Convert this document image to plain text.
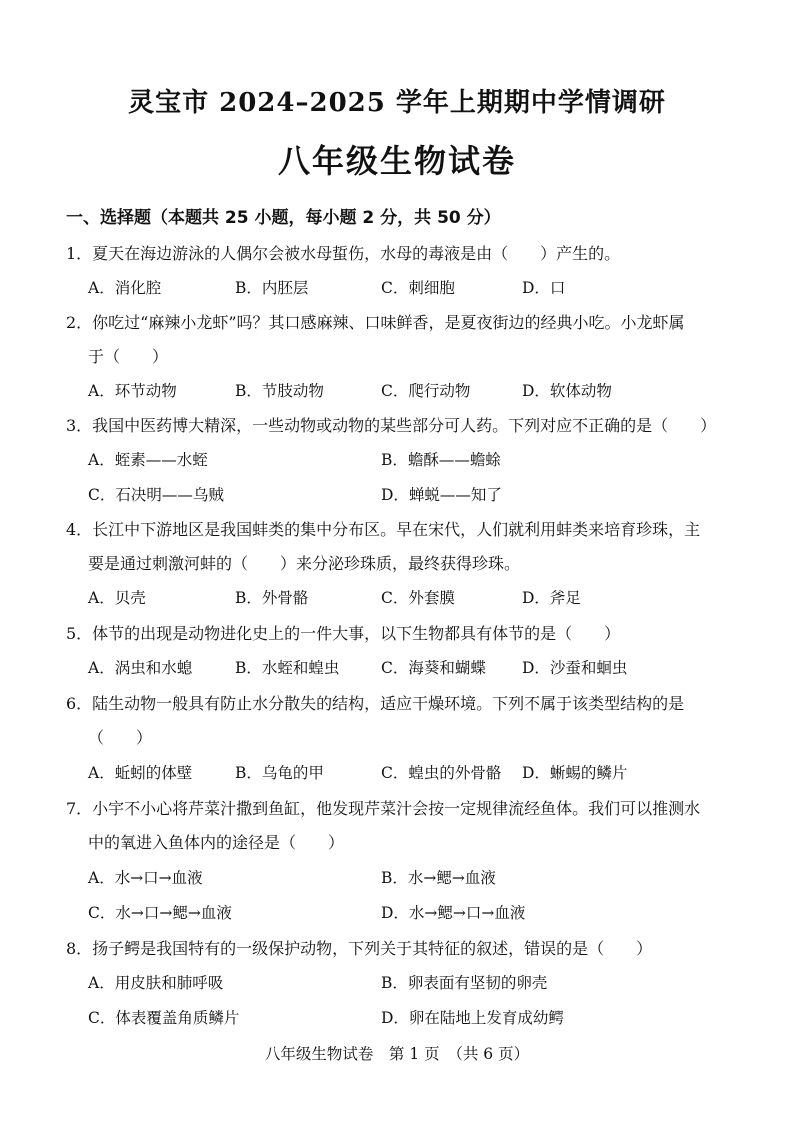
灵宝市 2024–2025 学年上期期中学情调研
八年级生物试卷
一、选择题（本题共 25 小题，每小题 2 分，共 50 分）
1．夏天在海边游泳的人偶尔会被水母蜇伤，水母的毒液是由（　　）产生的。
A．消化腔	B．内胚层	C．刺细胞	D．口
2．你吃过“麻辣小龙虾”吗？其口感麻辣、口味鲜香，是夏夜街边的经典小吃。小龙虾属
于（　　）
A．环节动物	B．节肢动物	C．爬行动物	D．软体动物
3．我国中医药博大精深，一些动物或动物的某些部分可人药。下列对应不正确的是（　　）
A．蛭素——水蛭	B．蟾酥——蟾蜍
C．石决明——乌贼	D．蝉蜕——知了
4．长江中下游地区是我国蚌类的集中分布区。早在宋代，人们就利用蚌类来培育珍珠，主
要是通过刺激河蚌的（　　）来分泌珍珠质，最终获得珍珠。
A．贝壳	B．外骨骼	C．外套膜	D．斧足
5．体节的出现是动物进化史上的一件大事，以下生物都具有体节的是（　　）
A．涡虫和水螅	B．水蛭和蝗虫	C．海葵和蝴蝶 D．沙蚕和蛔虫
6．陆生动物一般具有防止水分散失的结构，适应干燥环境。下列不属于该类型结构的是
（　　）
A．蚯蚓的体壁	B．乌龟的甲	C．蝗虫的外骨骼 D．蜥蜴的鳞片
7．小宇不小心将芹菜汁撒到鱼缸，他发现芹菜汁会按一定规律流经鱼体。我们可以推测水
中的氧进入鱼体内的途径是（　　）
A．水→口→血液	B．水→鳃→血液
C．水→口→鳃→血液	D．水→鳃→口→血液
8．扬子鳄是我国特有的一级保护动物，下列关于其特征的叙述，错误的是（　　）
A．用皮肤和肺呼吸	B．卵表面有坚韧的卵壳
C．体表覆盖角质鳞片	D．卵在陆地上发育成幼鳄
八年级生物试卷　第 1 页　（共 6 页）
